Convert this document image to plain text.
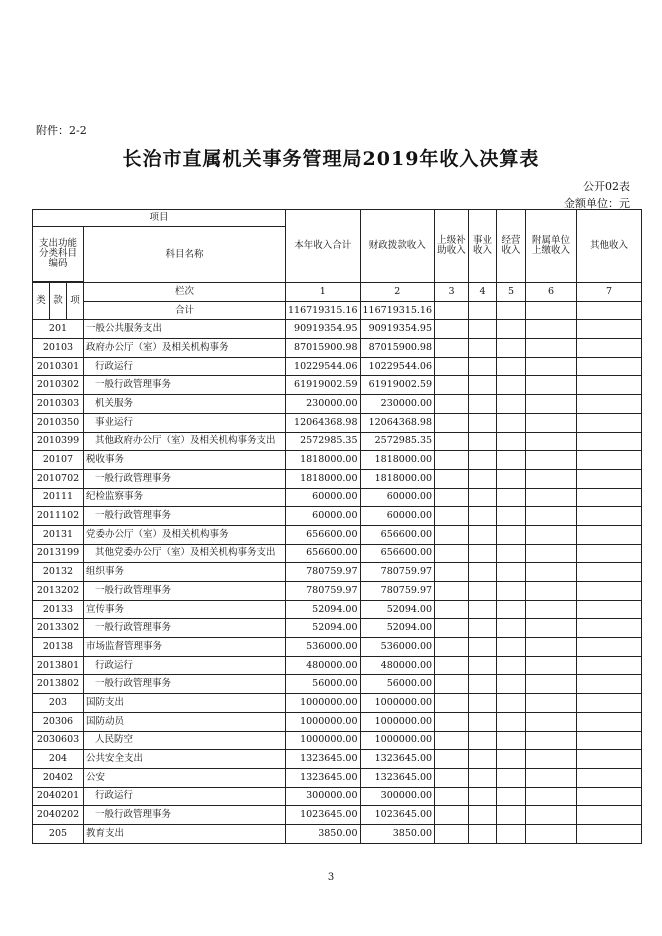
附件：2-2
长治市直属机关事务管理局2019年收入决算表
公开02表
金额单位：元
项目				本年收入合计	财政拨款收入	上级补助收入	事业收入	经营收入	附属单位上缴收入	其他收入
支出功能分类科目编码			科目名称							

类	款	项	栏次	1	2	3	4	5	6	7
			合计	116719315.16	116719315.16					
201			一般公共服务支出	90919354.95	90919354.95					
20103			政府办公厅（室）及相关机构事务	87015900.98	87015900.98					
2010301			行政运行	10229544.06	10229544.06					
2010302			一般行政管理事务	61919002.59	61919002.59					
2010303			机关服务	230000.00	230000.00					
2010350			事业运行	12064368.98	12064368.98					
2010399			其他政府办公厅（室）及相关机构事务支出	2572985.35	2572985.35					
20107			税收事务	1818000.00	1818000.00					
2010702			一般行政管理事务	1818000.00	1818000.00					
20111			纪检监察事务	60000.00	60000.00					
2011102			一般行政管理事务	60000.00	60000.00					
20131			党委办公厅（室）及相关机构事务	656600.00	656600.00					
2013199			其他党委办公厅（室）及相关机构事务支出	656600.00	656600.00					
20132			组织事务	780759.97	780759.97					
2013202			一般行政管理事务	780759.97	780759.97					
20133			宣传事务	52094.00	52094.00					
2013302			一般行政管理事务	52094.00	52094.00					
20138			市场监督管理事务	536000.00	536000.00					
2013801			行政运行	480000.00	480000.00					
2013802			一般行政管理事务	56000.00	56000.00					
203			国防支出	1000000.00	1000000.00					
20306			国防动员	1000000.00	1000000.00					
2030603			人民防空	1000000.00	1000000.00					
204			公共安全支出	1323645.00	1323645.00					
20402			公安	1323645.00	1323645.00					
2040201			行政运行	300000.00	300000.00					
2040202			一般行政管理事务	1023645.00	1023645.00					
205			教育支出	3850.00	3850.00					
3
